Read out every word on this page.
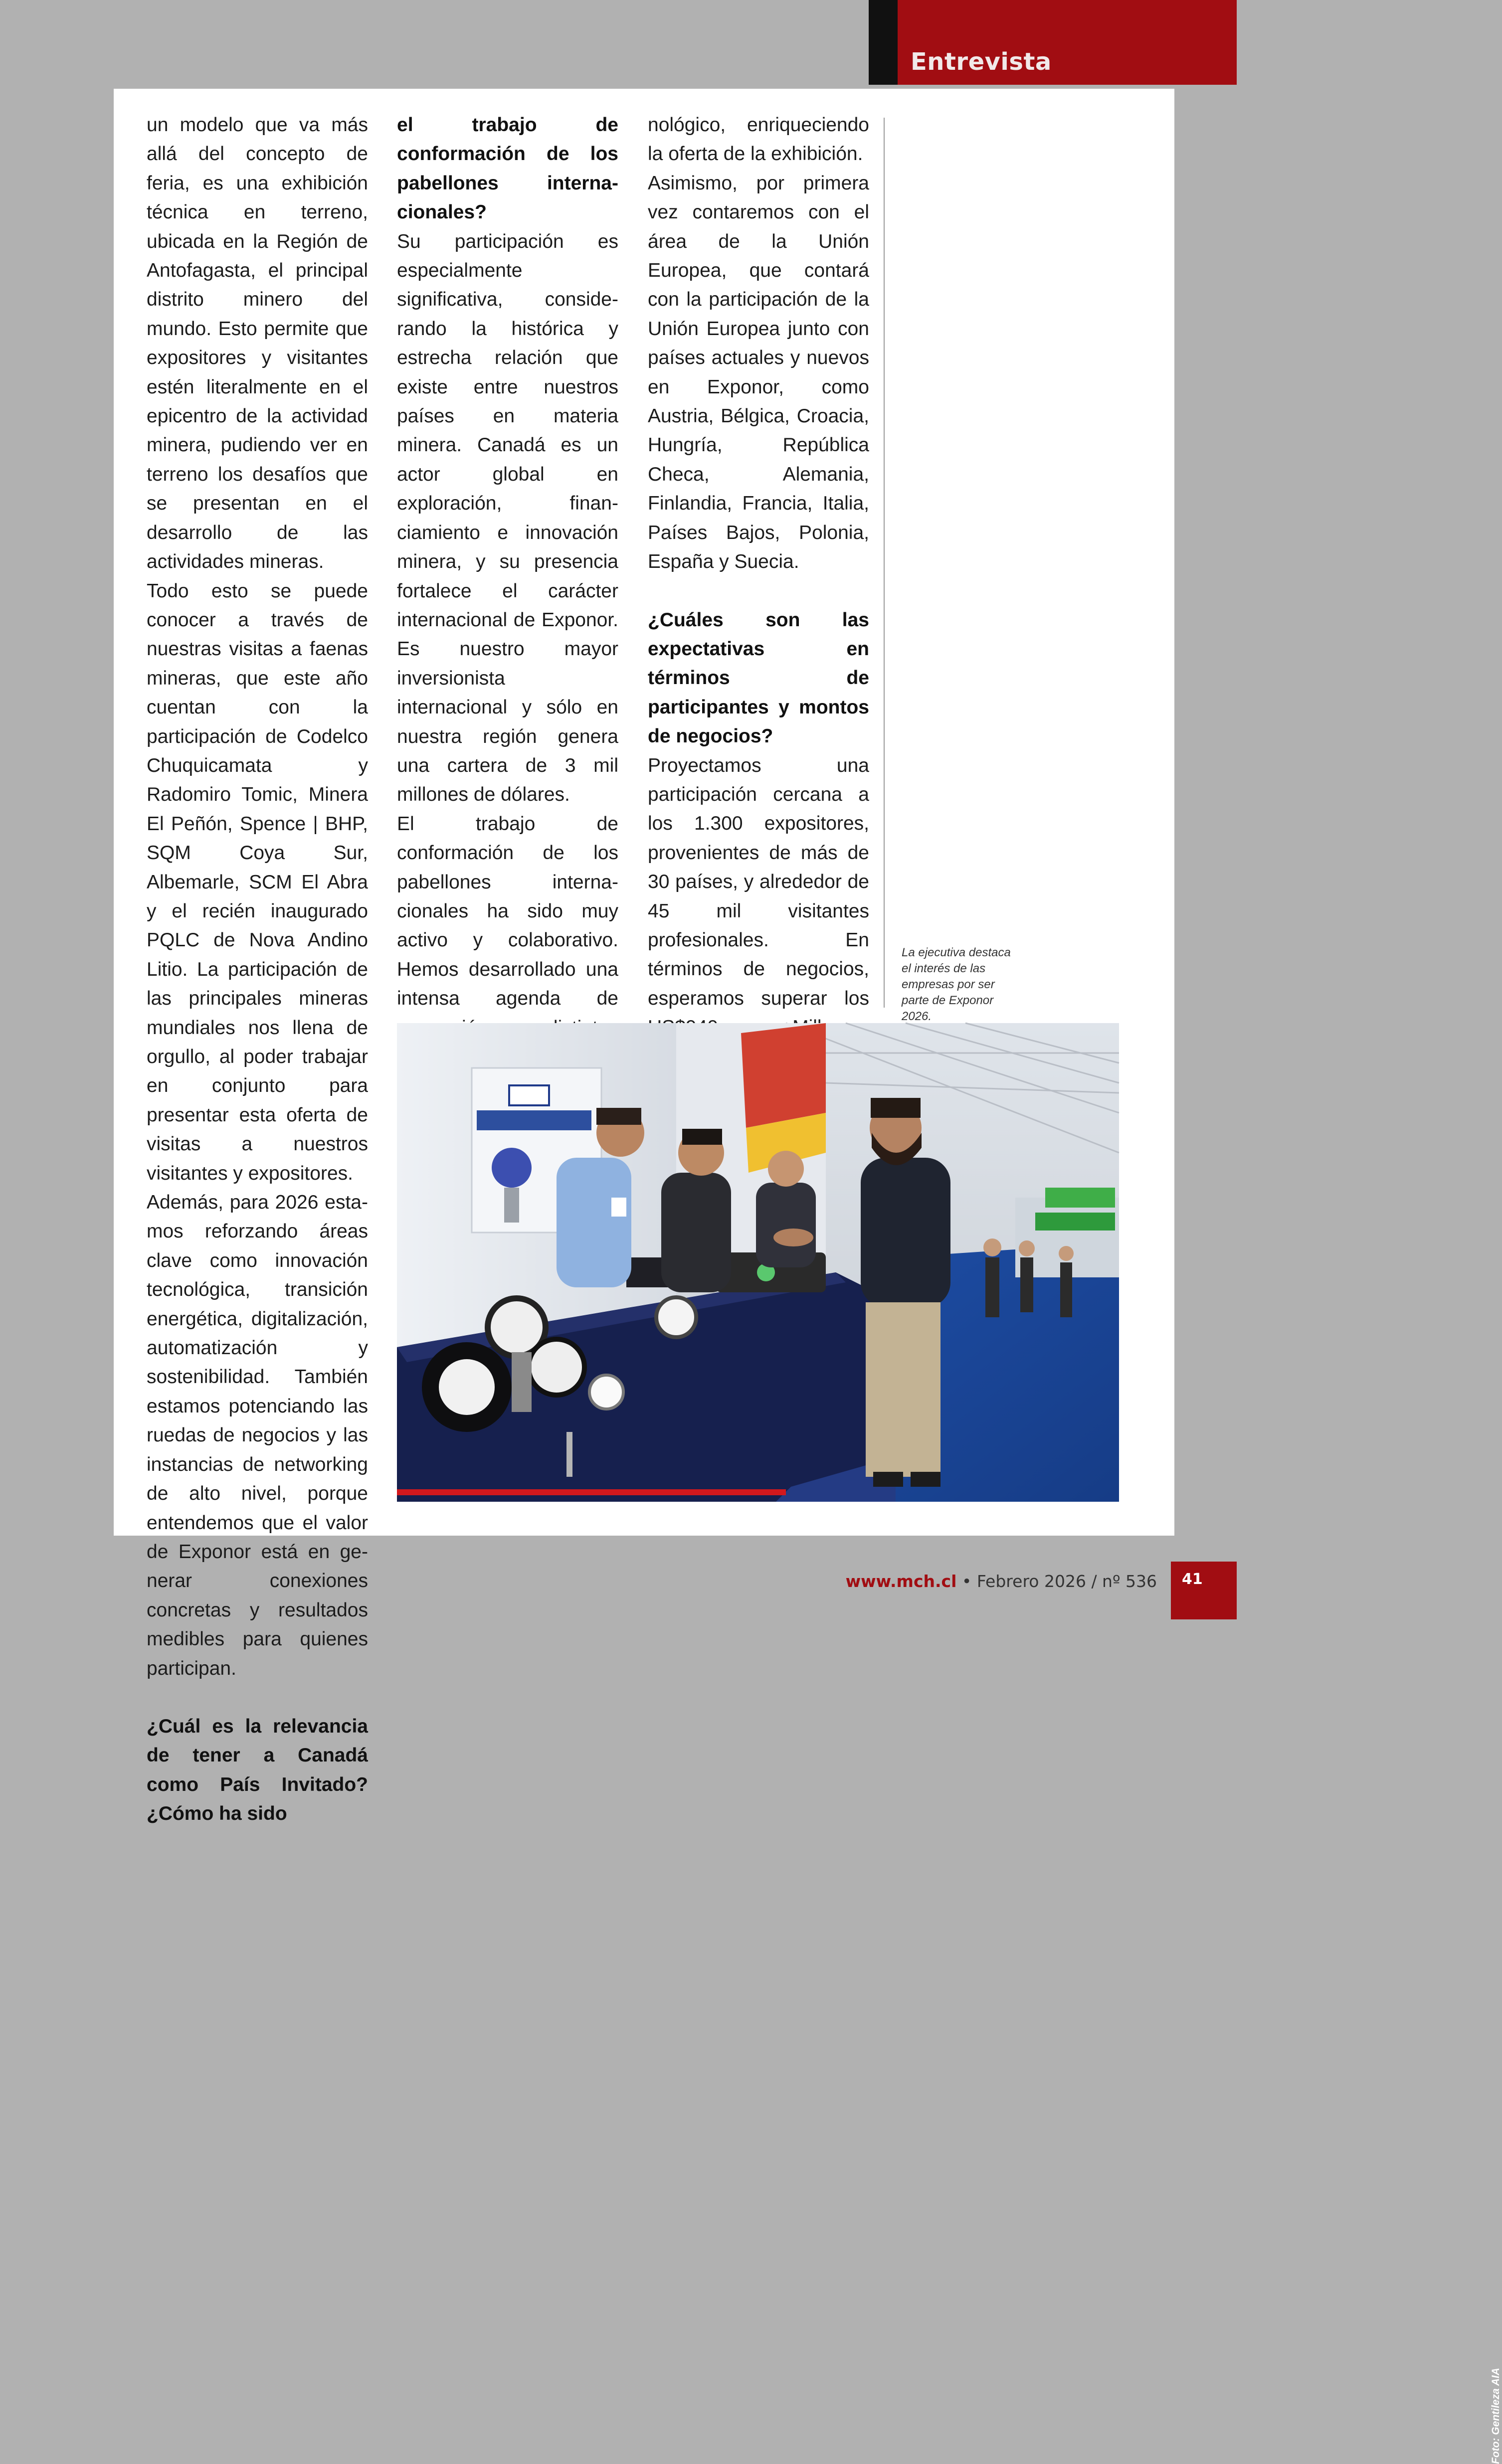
Entrevista

un modelo que va más allá del concepto de feria, es una exhibición técnica en terreno, ubicada en la Región de Antofagasta, el principal distrito minero del mundo. Esto permite que expositores y visitantes estén literalmente en el epicentro de la actividad minera, pudiendo ver en terreno los desafíos que se presentan en el desarrollo de las actividades mineras.

Todo esto se puede conocer a través de nuestras visitas a faenas mineras, que este año cuentan con la participación de Codelco Chuquicamata y Radomiro Tomic, Minera El Peñón, Spence | BHP, SQM Coya Sur, Albemarle, SCM El Abra y el recién inaugurado PQLC de Nova Andino Litio. La participación de las principales mineras mundiales nos llena de orgullo, al poder trabajar en conjunto para presentar esta oferta de visitas a nuestros visitantes y expositores.

Además, para 2026 estamos reforzando áreas clave como innovación tecnológica, transición energética, digitalización, automatización y sostenibilidad. También estamos potenciando las ruedas de negocios y las instancias de networking de alto nivel, porque entendemos que el valor de Exponor está en generar conexiones concretas y resultados medibles para quienes participan.

¿Cuál es la relevancia de tener a Canadá como País Invitado? ¿Cómo ha sido

el trabajo de conformación de los pabellones internacionales?

Su participación es especialmente significativa, considerando la histórica y estrecha relación que existe entre nuestros países en materia minera. Canadá es un actor global en exploración, financiamiento e innovación minera, y su presencia fortalece el carácter internacional de Exponor. Es nuestro mayor inversionista internacional y sólo en nuestra región genera una cartera de 3 mil millones de dólares.

El trabajo de conformación de los pabellones internacionales ha sido muy activo y colaborativo. Hemos desarrollado una intensa agenda de

nológico, enriqueciendo la oferta de la exhibición.

Asimismo, por primera vez contaremos con el área de la Unión Europea, que contará con la participación de la Unión Europea junto con países actuales y nuevos en Exponor, como Austria, Bélgica, Croacia, Hungría, República Checa, Alemania, Finlandia, Francia, Italia, Países Bajos, Polonia, España y Suecia.

¿Cuáles son las expectativas en términos de participantes y montos de negocios?

Proyectamos una participación cercana a los 1.300 expositores, provenientes de más de 30 países, y alrededor de 45 mil visitantes profesionales. En términos de negocios, esperamos superar los

La ejecutiva destaca el interés de las empresas por ser parte de Exponor 2026.
Foto: Gentileza AIA
www.mch.cl • Febrero 2026 / nº 536 41
